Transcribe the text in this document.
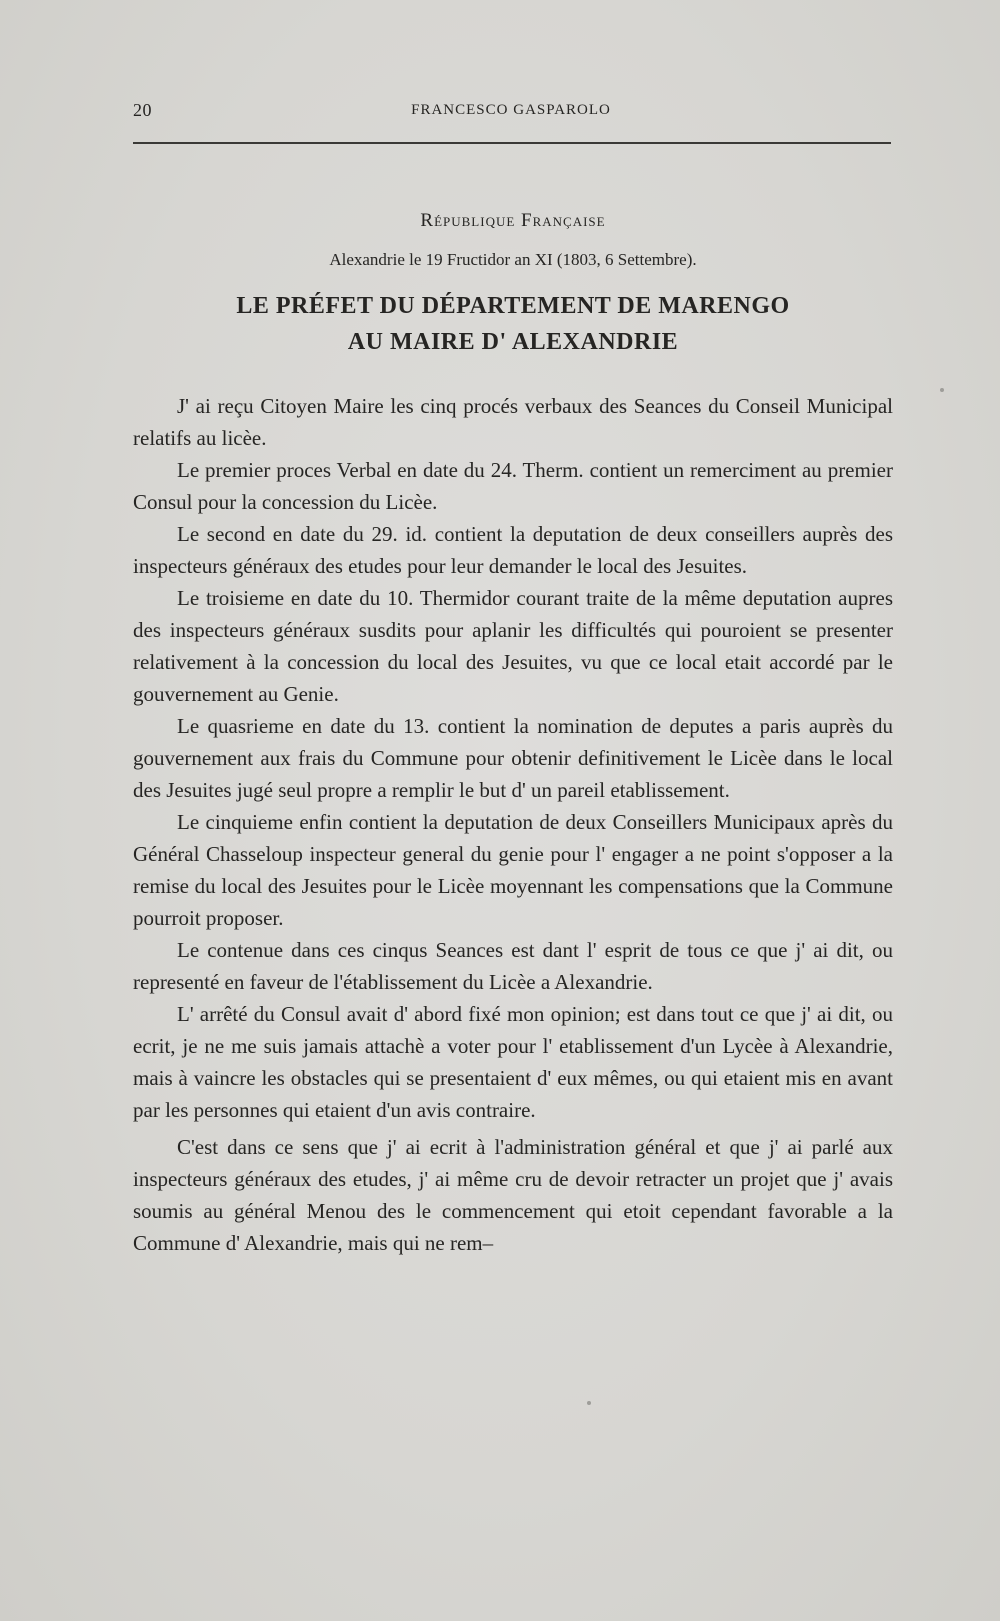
20	FRANCESCO GASPAROLO

République Française

Alexandrie le 19 Fructidor an XI (1803, 6 Settembre).

LE PRÉFET DU DÉPARTEMENT DE MARENGO
AU MAIRE D' ALEXANDRIE

J' ai reçu Citoyen Maire les cinq procés verbaux des Seances du Conseil Municipal relatifs au licèe.

Le premier proces Verbal en date du 24. Therm. contient un remerciment au premier Consul pour la concession du Licèe.

Le second en date du 29. id. contient la deputation de deux conseillers auprès des inspecteurs généraux des etudes pour leur demander le local des Jesuites.

Le troisieme en date du 10. Thermidor courant traite de la même deputation aupres des inspecteurs généraux susdits pour aplanir les difficultés qui pouroient se presenter relativement à la concession du local des Jesuites, vu que ce local etait accordé par le gouvernement au Genie.

Le quasrieme en date du 13. contient la nomination de deputes a paris auprès du gouvernement aux frais du Commune pour obtenir definitivement le Licèe dans le local des Jesuites jugé seul propre a remplir le but d' un pareil etablissement.

Le cinquieme enfin contient la deputation de deux Conseillers Municipaux après du Général Chasseloup inspecteur general du genie pour l' engager a ne point s'opposer a la remise du local des Jesuites pour le Licèe moyennant les compensations que la Commune pourroit proposer.

Le contenue dans ces cinqus Seances est dant l' esprit de tous ce que j' ai dit, ou representé en faveur de l'établissement du Licèe a Alexandrie.

L' arrêté du Consul avait d' abord fixé mon opinion; est dans tout ce que j' ai dit, ou ecrit, je ne me suis jamais attachè a voter pour l' etablissement d'un Lycèe à Alexandrie, mais à vaincre les obstacles qui se presentaient d' eux mêmes, ou qui etaient mis en avant par les personnes qui etaient d'un avis contraire.

C'est dans ce sens que j' ai ecrit à l'administration général et que j' ai parlé aux inspecteurs généraux des etudes, j' ai même cru de devoir retracter un projet que j' avais soumis au général Menou des le commencement qui etoit cependant favorable a la Commune d' Alexandrie, mais qui ne rem–
